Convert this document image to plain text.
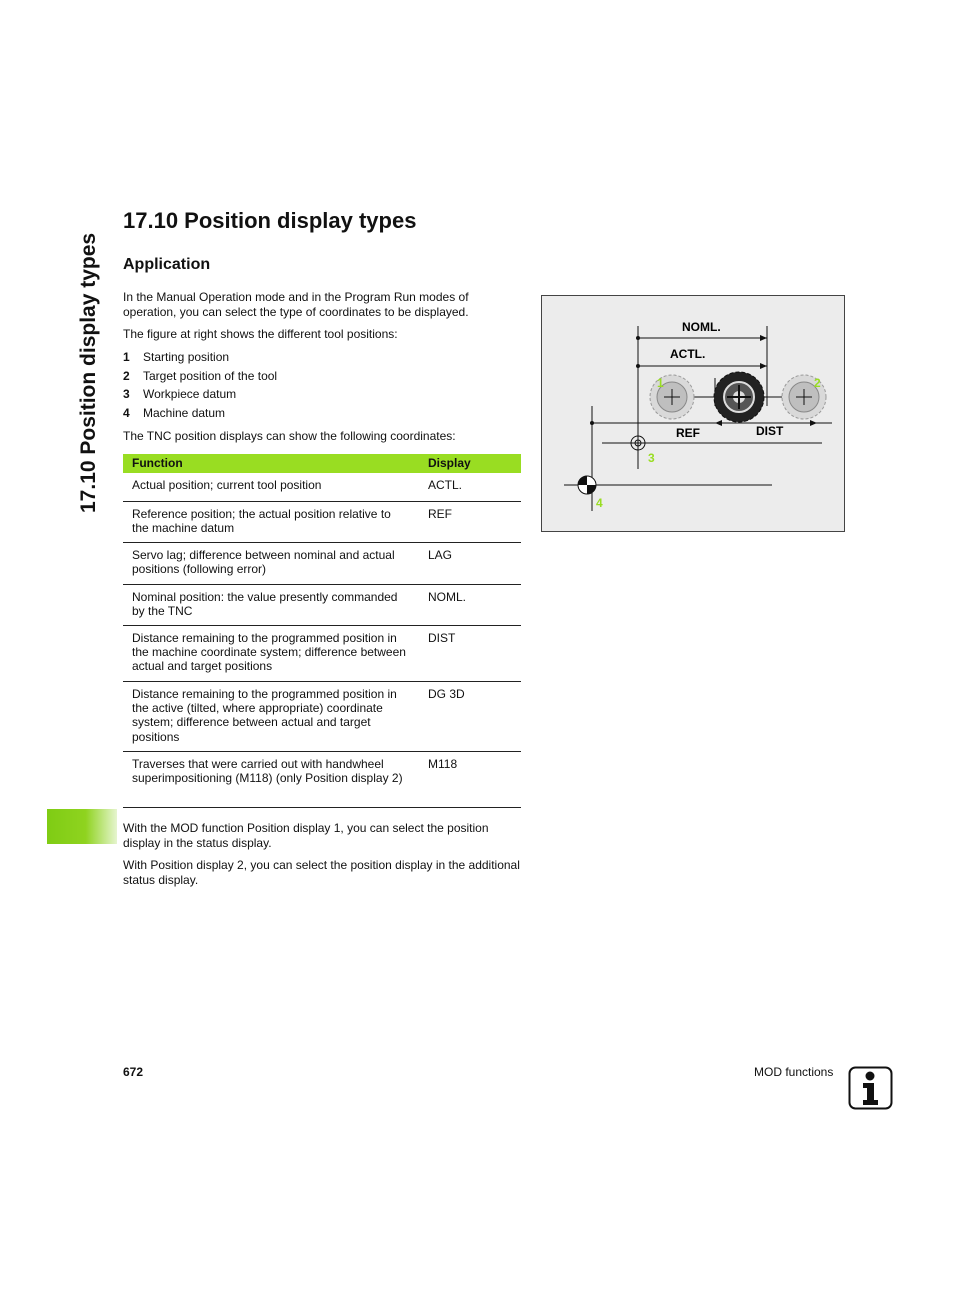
17.10 Position display types
17.10 Position display types
Application

In the Manual Operation mode and in the Program Run modes of operation, you can select the type of coordinates to be displayed.

The figure at right shows the different tool positions:

1 Starting position
2 Target position of the tool
3 Workpiece datum
4 Machine datum

The TNC position displays can show the following coordinates:

Function	Display
Actual position; current tool position	ACTL.
Reference position; the actual position relative to the machine datum	REF
Servo lag; difference between nominal and actual positions (following error)	LAG
Nominal position: the value presently commanded by the TNC	NOML.
Distance remaining to the programmed position in the machine coordinate system; difference between actual and target positions	DIST
Distance remaining to the programmed position in the active (tilted, where appropriate) coordinate system; difference between actual and target positions	DG 3D
Traverses that were carried out with handwheel superimpositioning (M118) (only Position display 2)	M118

With the MOD function Position display 1, you can select the position display in the status display.

With Position display 2, you can select the position display in the additional status display.

NOML.
ACTL.
REF	DIST
1	2
3
4
672	MOD functions
